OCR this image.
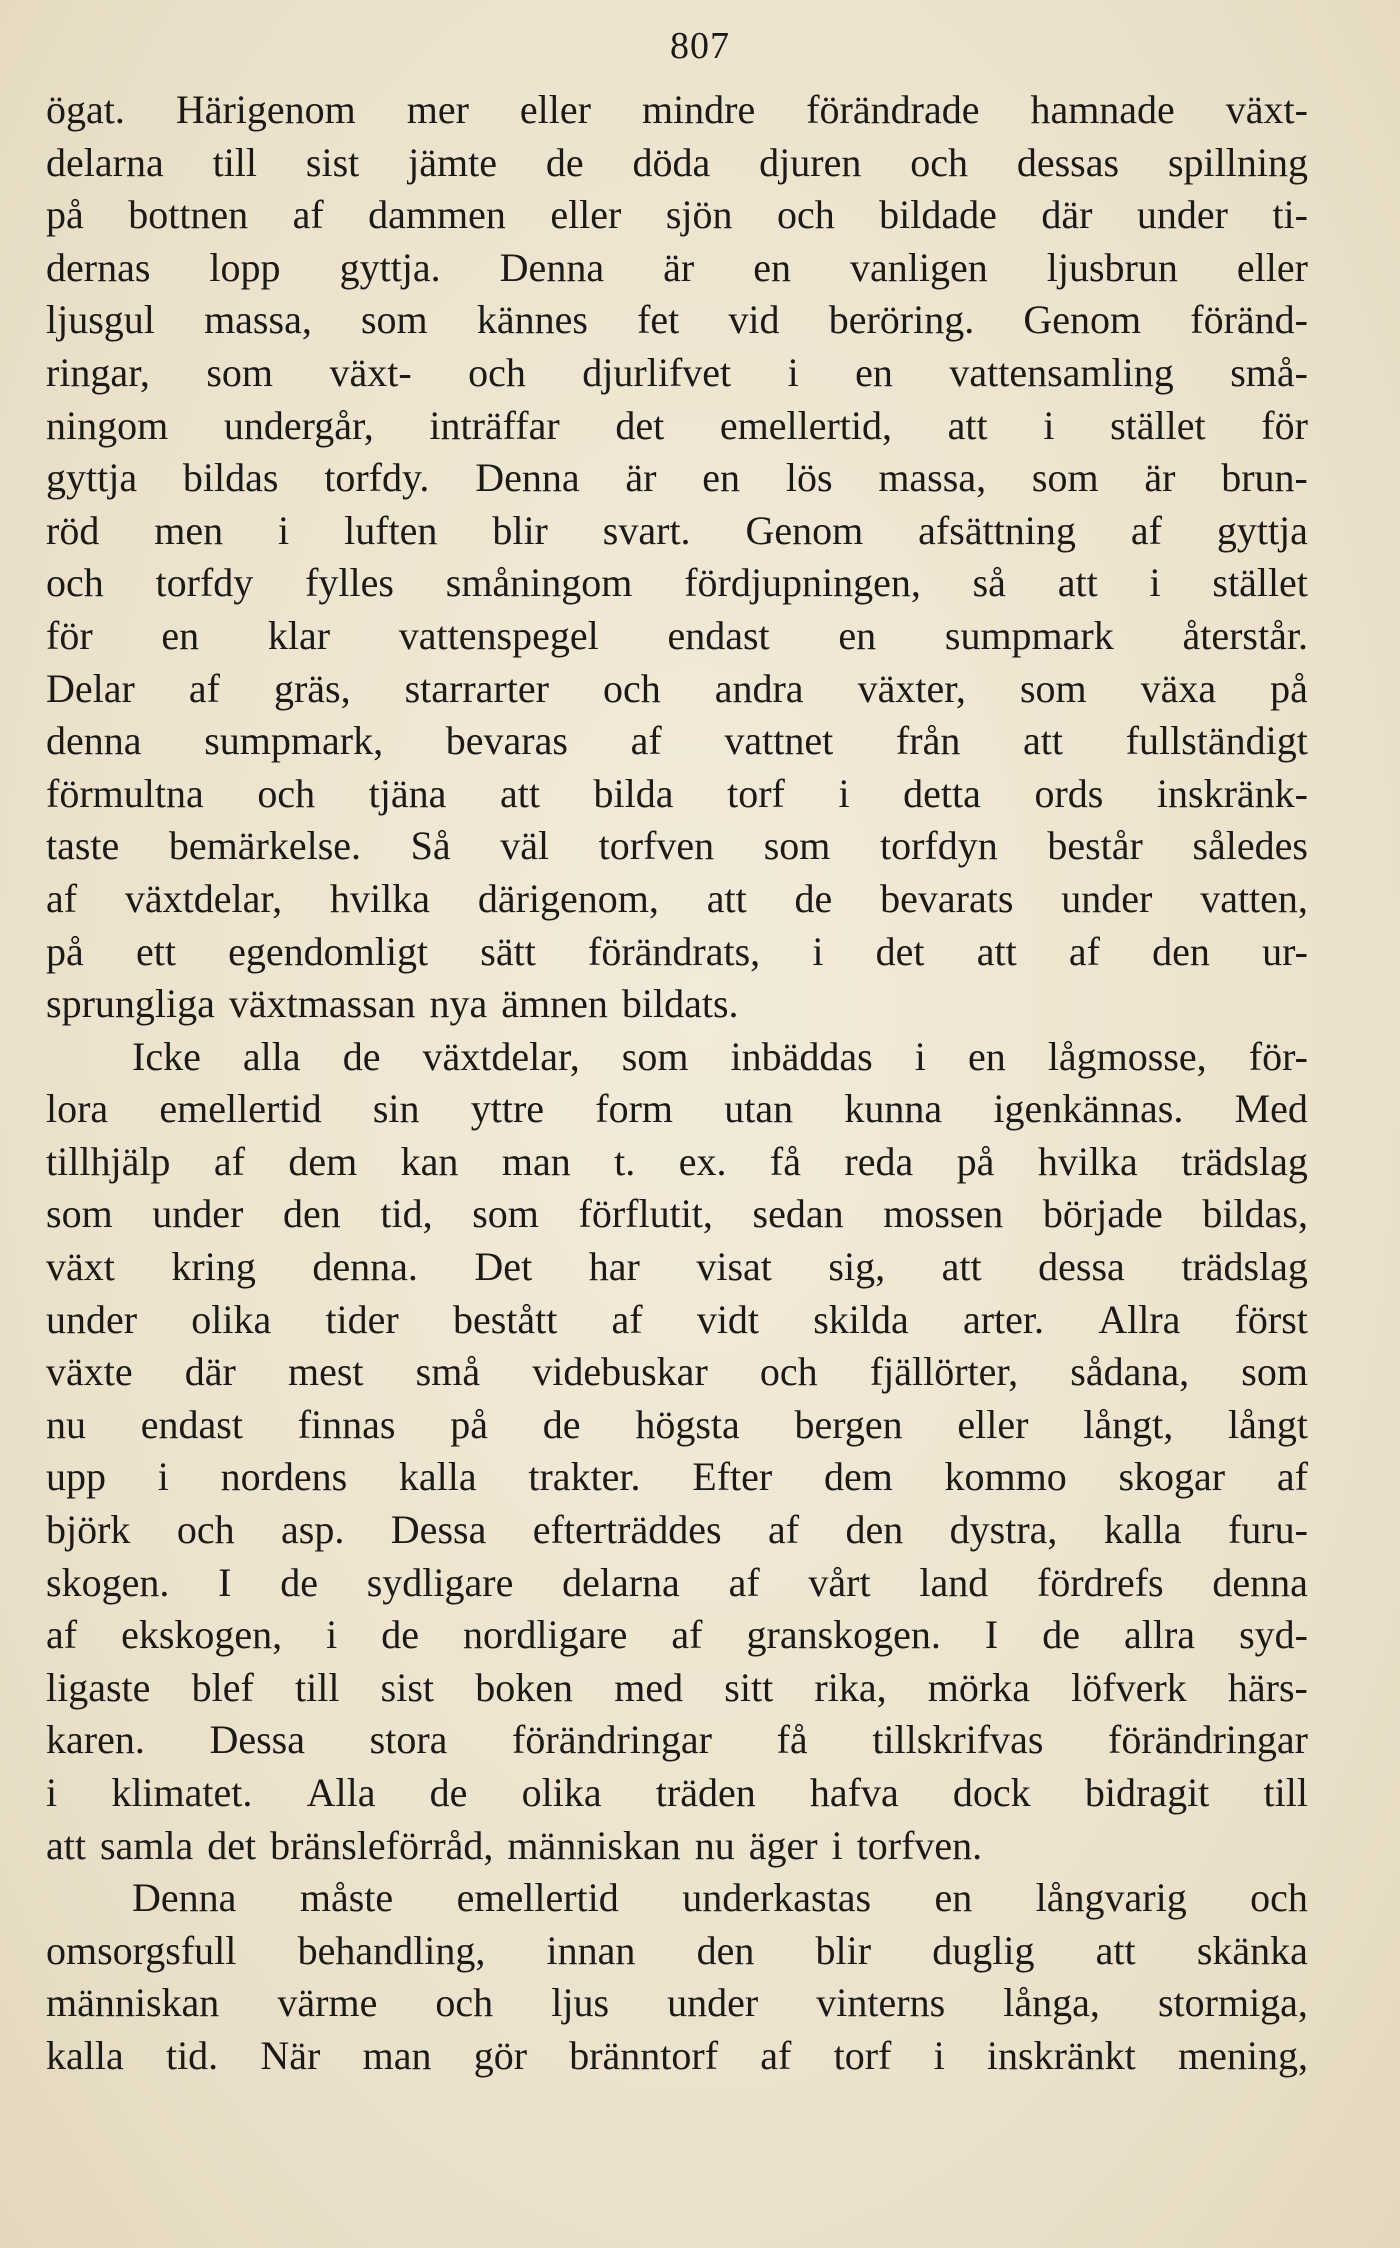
807
ögat. Härigenom mer eller mindre förändrade hamnade växt-
delarna till sist jämte de döda djuren och dessas spillning
på bottnen af dammen eller sjön och bildade där under ti-
dernas lopp gyttja. Denna är en vanligen ljusbrun eller
ljusgul massa, som kännes fet vid beröring. Genom föränd-
ringar, som växt- och djurlifvet i en vattensamling små-
ningom undergår, inträffar det emellertid, att i stället för
gyttja bildas torfdy. Denna är en lös massa, som är brun-
röd men i luften blir svart. Genom afsättning af gyttja
och torfdy fylles småningom fördjupningen, så att i stället
för en klar vattenspegel endast en sumpmark återstår.
Delar af gräs, starrarter och andra växter, som växa på
denna sumpmark, bevaras af vattnet från att fullständigt
förmultna och tjäna att bilda torf i detta ords inskränk-
taste bemärkelse. Så väl torfven som torfdyn består således
af växtdelar, hvilka därigenom, att de bevarats under vatten,
på ett egendomligt sätt förändrats, i det att af den ur-
sprungliga växtmassan nya ämnen bildats.
Icke alla de växtdelar, som inbäddas i en lågmosse, för-
lora emellertid sin yttre form utan kunna igenkännas. Med
tillhjälp af dem kan man t. ex. få reda på hvilka trädslag
som under den tid, som förflutit, sedan mossen började bildas,
växt kring denna. Det har visat sig, att dessa trädslag
under olika tider bestått af vidt skilda arter. Allra först
växte där mest små videbuskar och fjällörter, sådana, som
nu endast finnas på de högsta bergen eller långt, långt
upp i nordens kalla trakter. Efter dem kommo skogar af
björk och asp. Dessa efterträddes af den dystra, kalla furu-
skogen. I de sydligare delarna af vårt land fördrefs denna
af ekskogen, i de nordligare af granskogen. I de allra syd-
ligaste blef till sist boken med sitt rika, mörka löfverk härs-
karen. Dessa stora förändringar få tillskrifvas förändringar
i klimatet. Alla de olika träden hafva dock bidragit till
att samla det bränsleförråd, människan nu äger i torfven.
Denna måste emellertid underkastas en långvarig och
omsorgsfull behandling, innan den blir duglig att skänka
människan värme och ljus under vinterns långa, stormiga,
kalla tid. När man gör bränntorf af torf i inskränkt mening,
